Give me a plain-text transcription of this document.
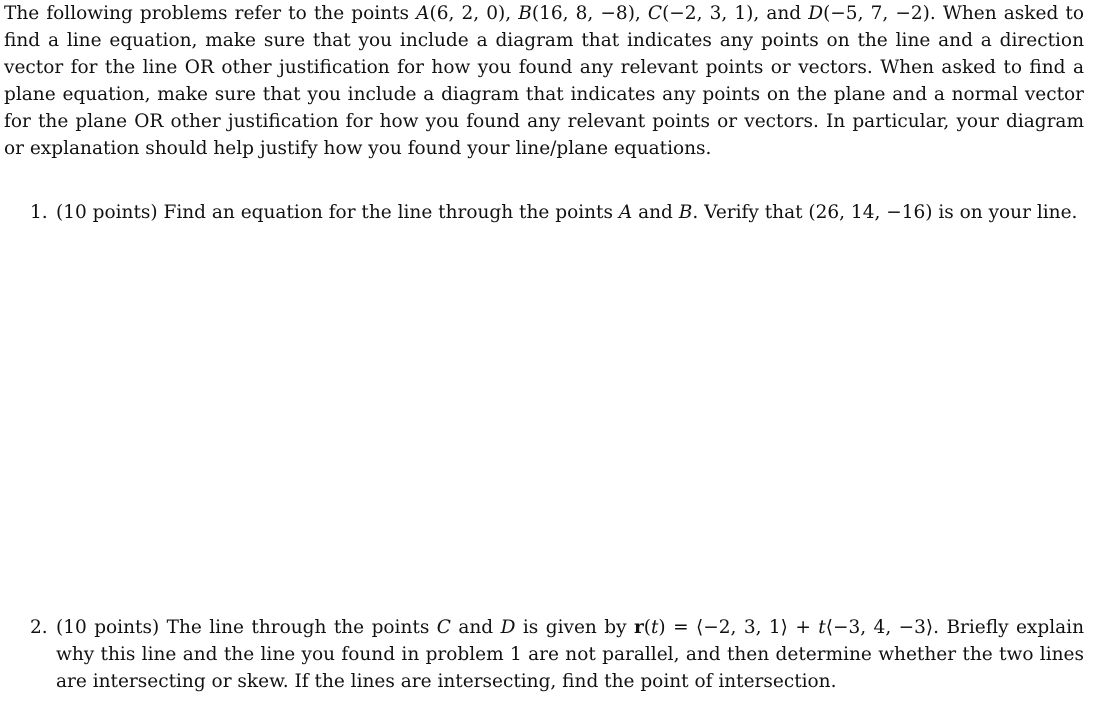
The following problems refer to the points A(6, 2, 0), B(16, 8, −8), C(−2, 3, 1), and D(−5, 7, −2). When asked to find a line equation, make sure that you include a diagram that indicates any points on the line and a direction vector for the line OR other justification for how you found any relevant points or vectors. When asked to find a plane equation, make sure that you include a diagram that indicates any points on the plane and a normal vector for the plane OR other justification for how you found any relevant points or vectors. In particular, your diagram or explanation should help justify how you found your line/plane equations.

1. (10 points) Find an equation for the line through the points A and B. Verify that (26, 14, −16) is on your line.
2. (10 points) The line through the points C and D is given by r(t) = ⟨−2, 3, 1⟩ + t⟨−3, 4, −3⟩. Briefly explain why this line and the line you found in problem 1 are not parallel, and then determine whether the two lines are intersecting or skew. If the lines are intersecting, find the point of intersection.
